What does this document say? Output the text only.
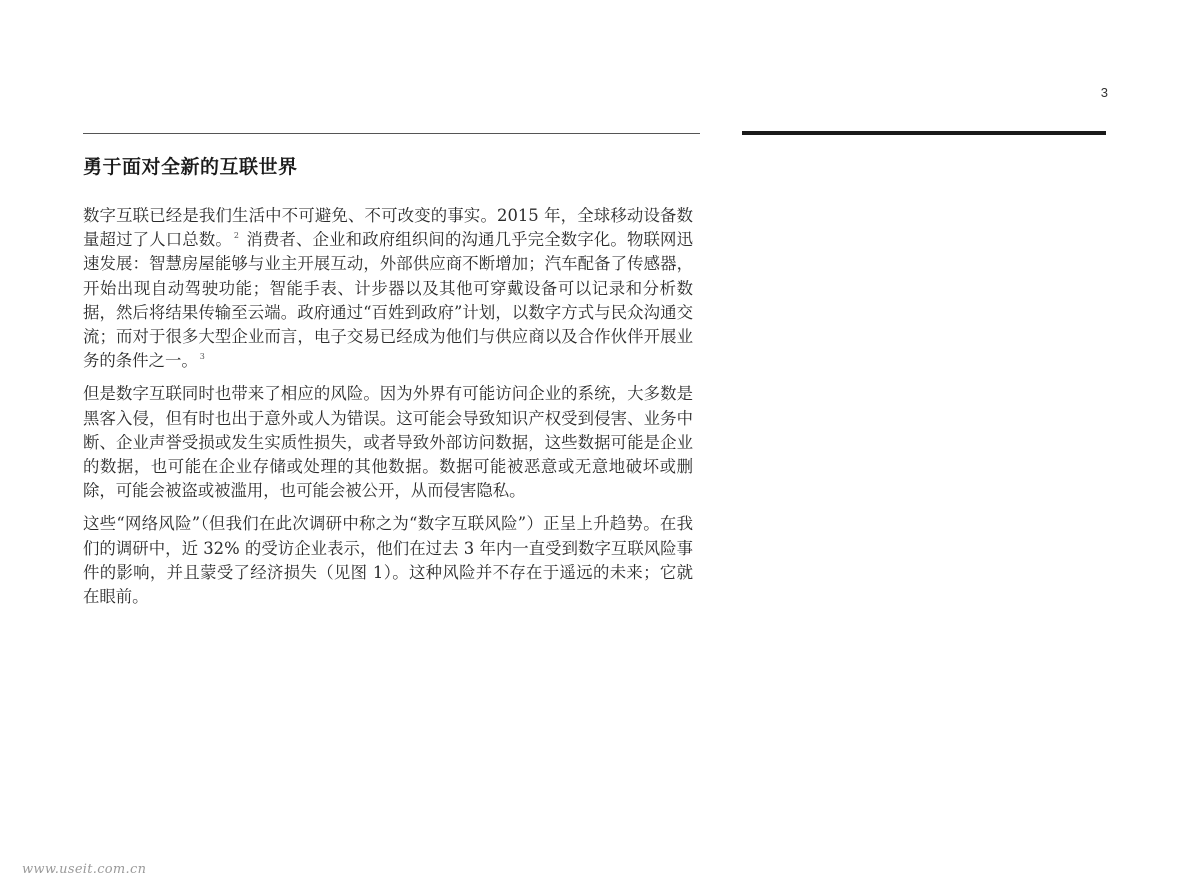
3
勇于面对全新的互联世界

数字互联已经是我们生活中不可避免、不可改变的事实。2015 年，全球移动设备数量超过了人口总数。 $^2$ 消费者、企业和政府组织间的沟通几乎完全数字化。物联网迅速发展：智慧房屋能够与业主开展互动，外部供应商不断增加；汽车配备了传感器，开始出现自动驾驶功能；智能手表、计步器以及其他可穿戴设备可以记录和分析数据，然后将结果传输至云端。政府通过“百姓到政府”计划，以数字方式与民众沟通交流；而对于很多大型企业而言，电子交易已经成为他们与供应商以及合作伙伴开展业务的条件之一。 $^3$

但是数字互联同时也带来了相应的风险。因为外界有可能访问企业的系统，大多数是黑客入侵，但有时也出于意外或人为错误。这可能会导致知识产权受到侵害、业务中断、企业声誉受损或发生实质性损失，或者导致外部访问数据，这些数据可能是企业的数据，也可能在企业存储或处理的其他数据。数据可能被恶意或无意地破坏或删除，可能会被盗或被滥用，也可能会被公开，从而侵害隐私。

这些“网络风险”（但我们在此次调研中称之为“数字互联风险”）正呈上升趋势。在我们的调研中，近 32% 的受访企业表示，他们在过去 3 年内一直受到数字互联风险事件的影响，并且蒙受了经济损失（见图 1）。这种风险并不存在于遥远的未来；它就在眼前。

www.useit.com.cn
